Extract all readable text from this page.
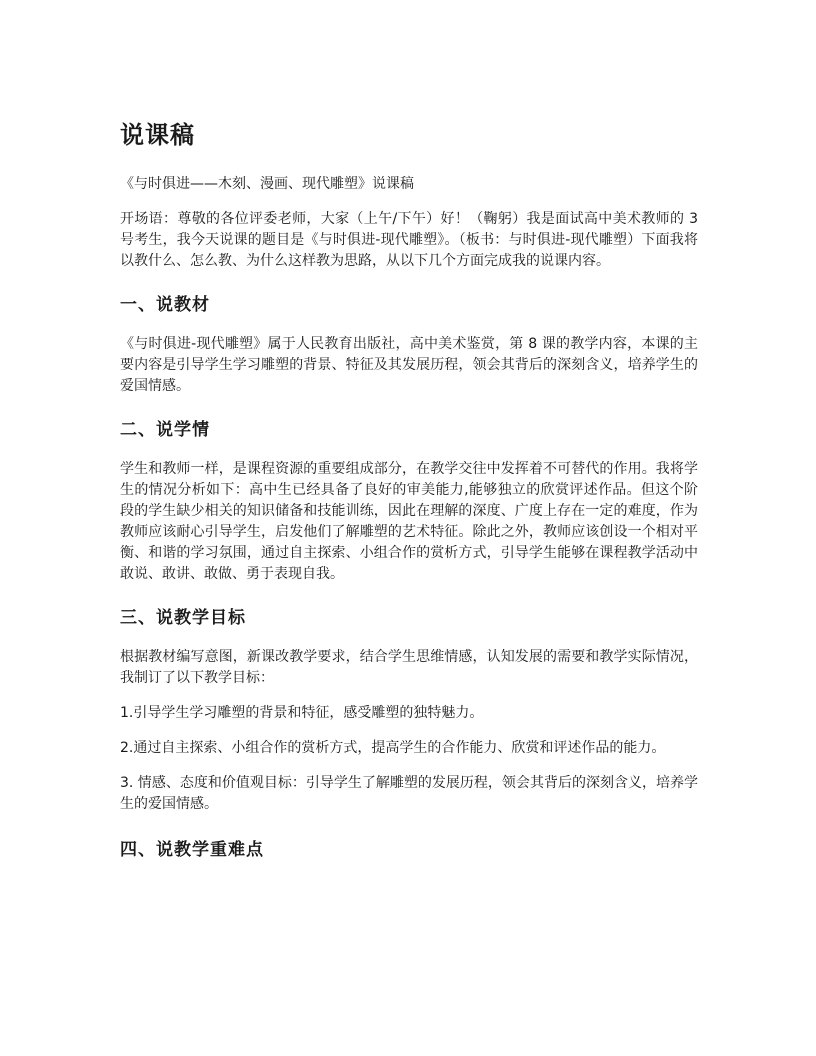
说课稿

《与时俱进——木刻、漫画、现代雕塑》说课稿

开场语：尊敬的各位评委老师，大家（上午/下午）好！（鞠躬）我是面试高中美术教师的 3 号考生，我今天说课的题目是《与时俱进-现代雕塑》。（板书：与时俱进-现代雕塑）下面我将以教什么、怎么教、为什么这样教为思路，从以下几个方面完成我的说课内容。

一、说教材

《与时俱进-现代雕塑》属于人民教育出版社，高中美术鉴赏，第 8 课的教学内容，本课的主要内容是引导学生学习雕塑的背景、特征及其发展历程，领会其背后的深刻含义，培养学生的爱国情感。

二、说学情

学生和教师一样，是课程资源的重要组成部分，在教学交往中发挥着不可替代的作用。我将学生的情况分析如下：高中生已经具备了良好的审美能力,能够独立的欣赏评述作品。但这个阶段的学生缺少相关的知识储备和技能训练，因此在理解的深度、广度上存在一定的难度，作为教师应该耐心引导学生，启发他们了解雕塑的艺术特征。除此之外，教师应该创设一个相对平衡、和谐的学习氛围，通过自主探索、小组合作的赏析方式，引导学生能够在课程教学活动中敢说、敢讲、敢做、勇于表现自我。

三、说教学目标

根据教材编写意图，新课改教学要求，结合学生思维情感，认知发展的需要和教学实际情况，我制订了以下教学目标：

1.引导学生学习雕塑的背景和特征，感受雕塑的独特魅力。

2.通过自主探索、小组合作的赏析方式，提高学生的合作能力、欣赏和评述作品的能力。

3. 情感、态度和价值观目标：引导学生了解雕塑的发展历程，领会其背后的深刻含义，培养学生的爱国情感。

四、说教学重难点
